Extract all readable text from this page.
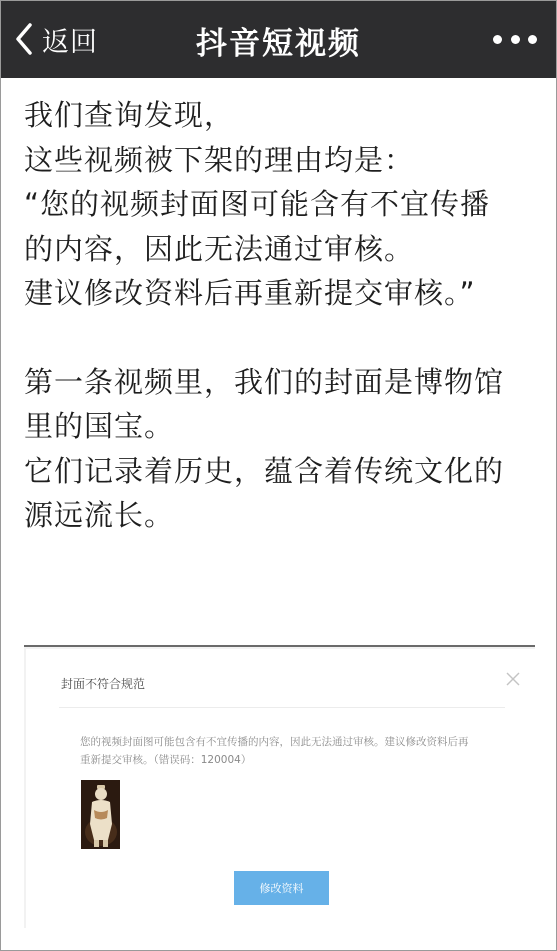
返回	抖音短视频

我们查询发现，

这些视频被下架的理由均是：

“您的视频封面图可能含有不宜传播

的内容，因此无法通过审核。

建议修改资料后再重新提交审核。”

第一条视频里，我们的封面是博物馆

里的国宝。

它们记录着历史，蕴含着传统文化的

源远流长。

封面不符合规范
您的视频封面图可能包含有不宜传播的内容，因此无法通过审核。建议修改资料后再
重新提交审核。（错误码：120004）
修改资料
